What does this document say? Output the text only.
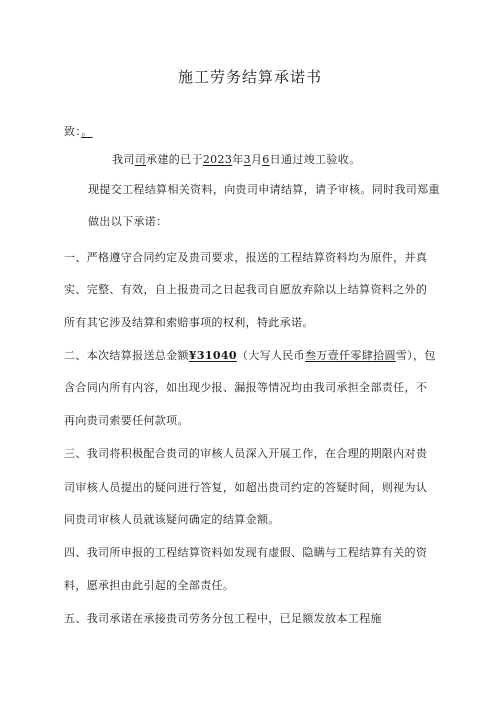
施工劳务结算承诺书
致：。
我司司承建的已于2023年3月6日通过竣工验收。
现提交工程结算相关资料，向贵司申请结算，请予审核。同时我司郑重
做出以下承诺：
一、严格遵守合同约定及贵司要求，报送的工程结算资料均为原件，并真
实、完整、有效，自上报贵司之日起我司自愿放弃除以上结算资料之外的
所有其它涉及结算和索赔事项的权利，特此承诺。
二、本次结算报送总金额¥31040（大写人民币叁万壹仟零肆拾圆雪），包
含合同内所有内容，如出现少报、漏报等情况均由我司承担全部责任，不
再向贵司索要任何款项。
三、我司将积极配合贵司的审核人员深入开展工作，在合理的期限内对贵
司审核人员提出的疑问进行答复，如超出贵司约定的答疑时间，则视为认
同贵司审核人员就该疑问确定的结算金额。
四、我司所申报的工程结算资料如发现有虚假、隐瞒与工程结算有关的资
料，愿承担由此引起的全部责任。
五、我司承诺在承接贵司劳务分包工程中，已足额发放本工程施
